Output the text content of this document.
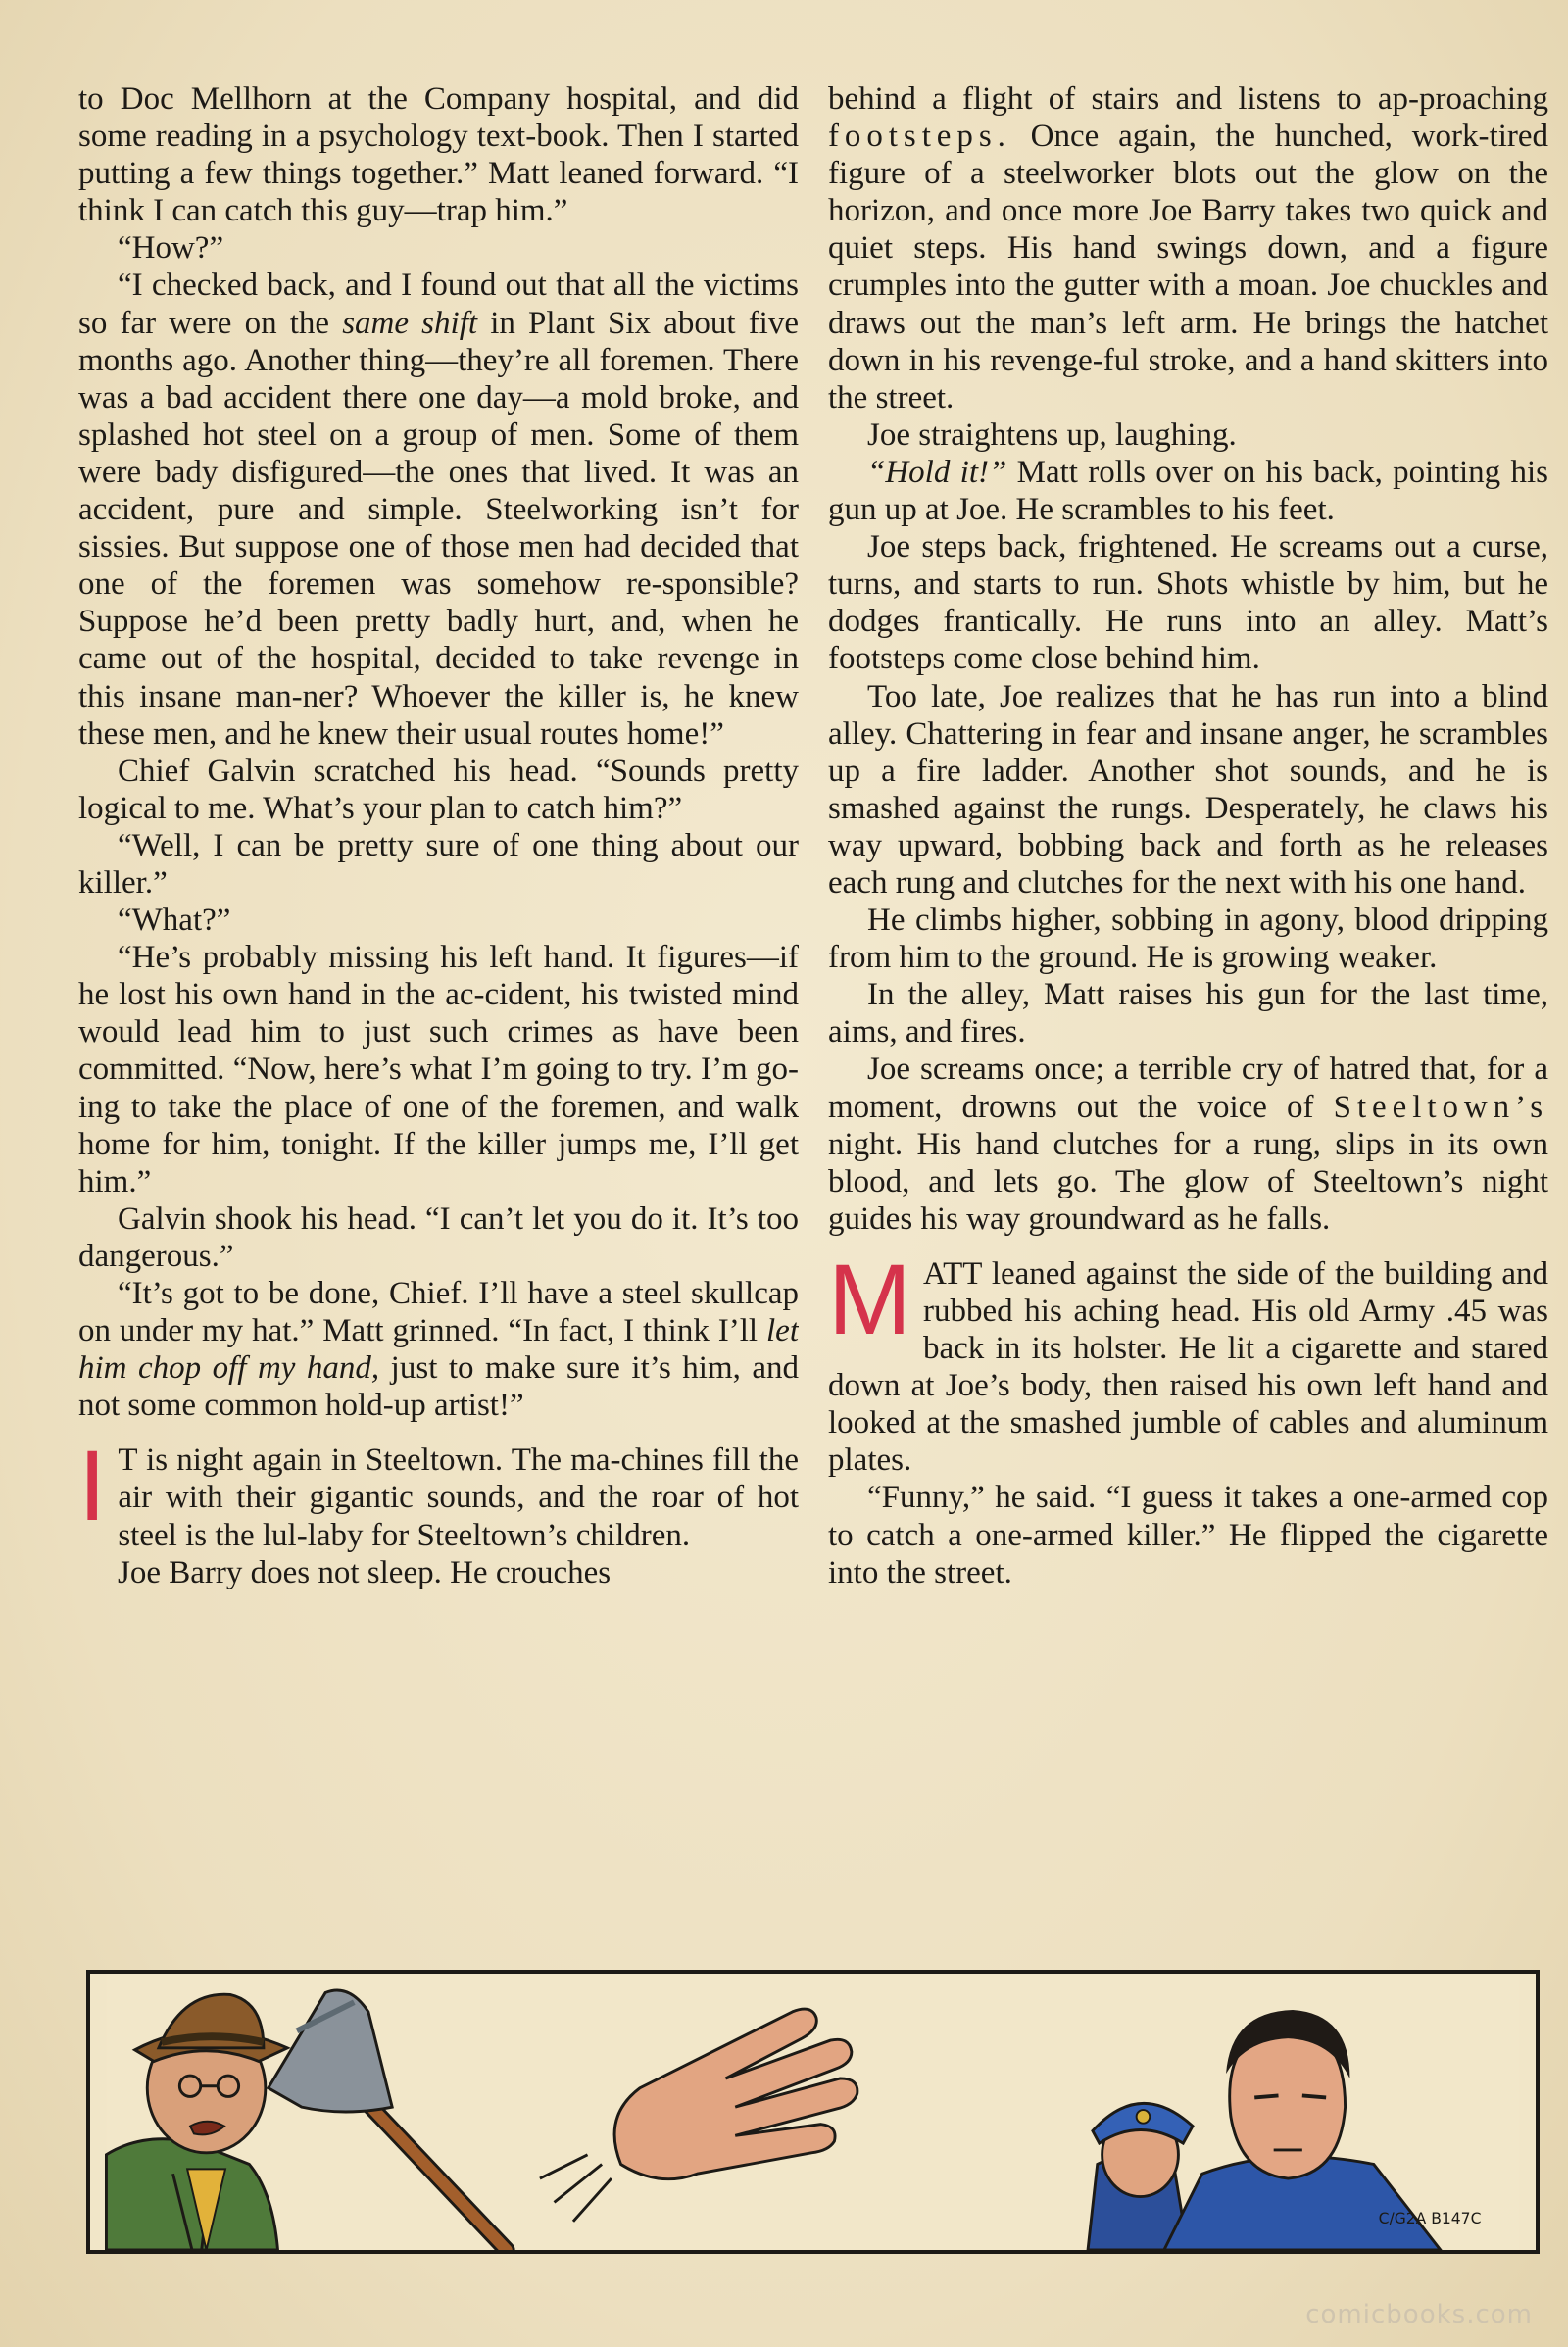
to Doc Mellhorn at the Company hospital, and did some reading in a psychology text-book. Then I started putting a few things together.” Matt leaned forward. “I think I can catch this guy—trap him.”

“How?”

“I checked back, and I found out that all the victims so far were on the same shift in Plant Six about five months ago. Another thing—they’re all foremen. There was a bad accident there one day—a mold broke, and splashed hot steel on a group of men. Some of them were bady disfigured—the ones that lived. It was an accident, pure and simple. Steelworking isn’t for sissies. But suppose one of those men had decided that one of the foremen was somehow re-sponsible? Suppose he’d been pretty badly hurt, and, when he came out of the hospital, decided to take revenge in this insane man-ner? Whoever the killer is, he knew these men, and he knew their usual routes home!”

Chief Galvin scratched his head. “Sounds pretty logical to me. What’s your plan to catch him?”

“Well, I can be pretty sure of one thing about our killer.”

“What?”

“He’s probably missing his left hand. It figures—if he lost his own hand in the ac-cident, his twisted mind would lead him to just such crimes as have been committed. “Now, here’s what I’m going to try. I’m go-ing to take the place of one of the foremen, and walk home for him, tonight. If the killer jumps me, I’ll get him.”

Galvin shook his head. “I can’t let you do it. It’s too dangerous.”

“It’s got to be done, Chief. I’ll have a steel skullcap on under my hat.” Matt grinned. “In fact, I think I’ll let him chop off my hand, just to make sure it’s him, and not some common hold-up artist!”

I T is night again in Steeltown. The ma-chines fill the air with their gigantic sounds, and the roar of hot steel is the lul-laby for Steeltown’s children.

Joe Barry does not sleep. He crouches

behind a flight of stairs and listens to ap-proaching footsteps. Once again, the hunched, work-tired figure of a steelworker blots out the glow on the horizon, and once more Joe Barry takes two quick and quiet steps. His hand swings down, and a figure crumples into the gutter with a moan. Joe chuckles and draws out the man’s left arm. He brings the hatchet down in his revenge-ful stroke, and a hand skitters into the street.

Joe straightens up, laughing.

“Hold it!” Matt rolls over on his back, pointing his gun up at Joe. He scrambles to his feet.

Joe steps back, frightened. He screams out a curse, turns, and starts to run. Shots whistle by him, but he dodges frantically. He runs into an alley. Matt’s footsteps come close behind him.

Too late, Joe realizes that he has run into a blind alley. Chattering in fear and insane anger, he scrambles up a fire ladder. Another shot sounds, and he is smashed against the rungs. Desperately, he claws his way upward, bobbing back and forth as he releases each rung and clutches for the next with his one hand.

He climbs higher, sobbing in agony, blood dripping from him to the ground. He is growing weaker.

In the alley, Matt raises his gun for the last time, aims, and fires.

Joe screams once; a terrible cry of hatred that, for a moment, drowns out the voice of Steeltown’s night. His hand clutches for a rung, slips in its own blood, and lets go. The glow of Steeltown’s night guides his way groundward as he falls.

MATT leaned against the side of the building and rubbed his aching head. His old Army .45 was back in its holster. He lit a cigarette and stared down at Joe’s body, then raised his own left hand and looked at the smashed jumble of cables and aluminum plates.

“Funny,” he said. “I guess it takes a one-armed cop to catch a one-armed killer.” He flipped the cigarette into the street.

C/G2A B147C
comicbooks.com
